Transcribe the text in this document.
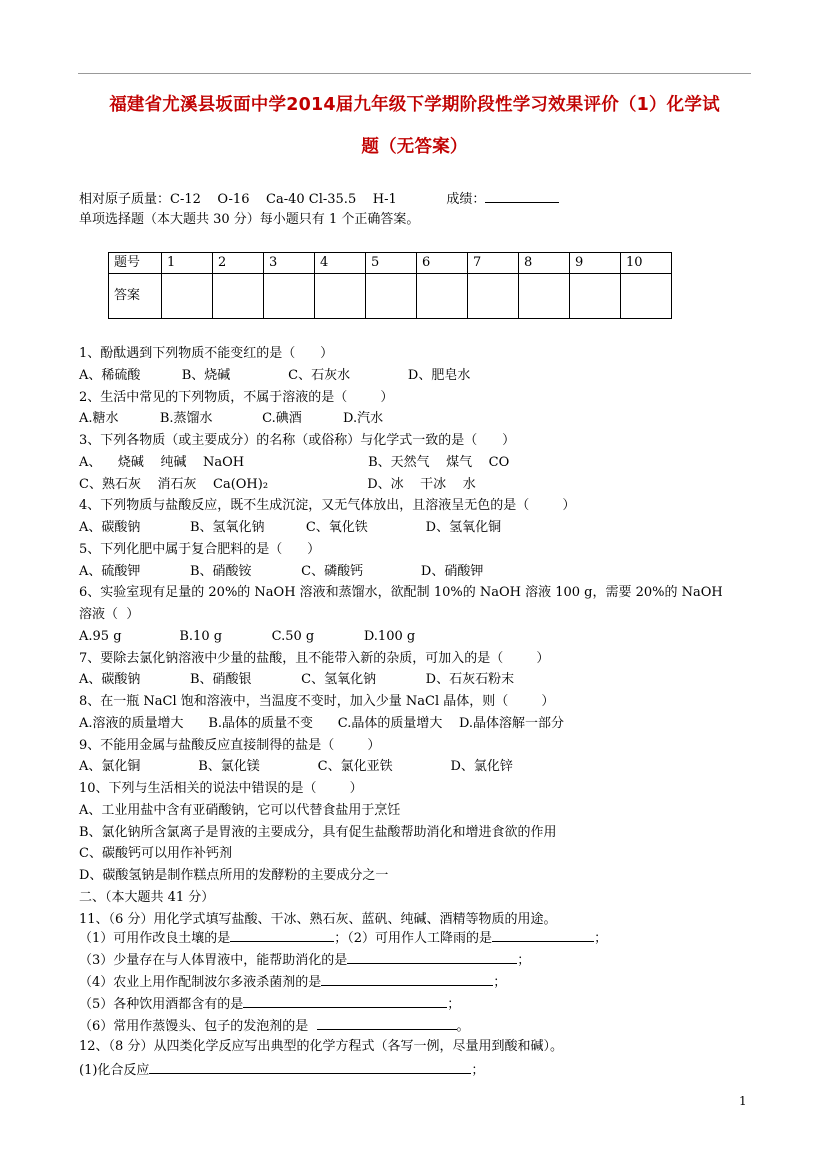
福建省尤溪县坂面中学2014届九年级下学期阶段性学习效果评价（1）化学试
题（无答案）
相对原子质量：C-12    O-16    Ca-40 Cl-35.5    H-1            成绩：
单项选择题（本大题共 30 分）每小题只有 1 个正确答案。
题号	1	2	3	4	5	6	7	8	9	10
答案										
1、酚酞遇到下列物质不能变红的是（      ）
A、稀硫酸          B、烧碱              C、石灰水              D、肥皂水
2、生活中常见的下列物质，不属于溶液的是（        ）
A.糖水          B.蒸馏水            C.碘酒          D.汽水
3、下列各物质（或主要成分）的名称（或俗称）与化学式一致的是（      ）
A、    烧碱    纯碱    NaOH                              B、天然气    煤气    CO
C、熟石灰    消石灰    Ca(OH)₂                        D、冰    干冰    水
4、下列物质与盐酸反应，既不生成沉淀，又无气体放出，且溶液呈无色的是（        ）
A、碳酸钠            B、氢氧化钠          C、氧化铁              D、氢氧化铜
5、下列化肥中属于复合肥料的是（      ）
A、硫酸钾            B、硝酸铵            C、磷酸钙              D、硝酸钾
6、实验室现有足量的 20%的 NaOH 溶液和蒸馏水，欲配制 10%的 NaOH 溶液 100 g，需要 20%的 NaOH
溶液（  ）
A.95 g              B.10 g            C.50 g            D.100 g
7、要除去氯化钠溶液中少量的盐酸，且不能带入新的杂质，可加入的是（        ）
A、碳酸钠            B、硝酸银            C、氢氧化钠            D、石灰石粉末
8、在一瓶 NaCl 饱和溶液中，当温度不变时，加入少量 NaCl 晶体，则（        ）
A.溶液的质量增大      B.晶体的质量不变      C.晶体的质量增大    D.晶体溶解一部分
9、不能用金属与盐酸反应直接制得的盐是（        ）
A、氯化铜              B、氯化镁              C、氯化亚铁              D、氯化锌
10、下列与生活相关的说法中错误的是（        ）
A、工业用盐中含有亚硝酸钠，它可以代替食盐用于烹饪
B、氯化钠所含氯离子是胃液的主要成分，具有促生盐酸帮助消化和增进食欲的作用
C、碳酸钙可以用作补钙剂
D、碳酸氢钠是制作糕点所用的发酵粉的主要成分之一
二、（本大题共 41 分）
11、（6 分）用化学式填写盐酸、干冰、熟石灰、蓝矾、纯碱、酒精等物质的用途。
（1）可用作改良土壤的是	；（2）可用作人工降雨的是	；
（3）少量存在与人体胃液中，能帮助消化的是	；
（4）农业上用作配制波尔多液杀菌剂的是	；
（5）各种饮用酒都含有的是	；
（6）常用作蒸馒头、包子的发泡剂的是	。
12、（8 分）从四类化学反应写出典型的化学方程式（各写一例，尽量用到酸和碱）。
(1)化合反应	；
1
